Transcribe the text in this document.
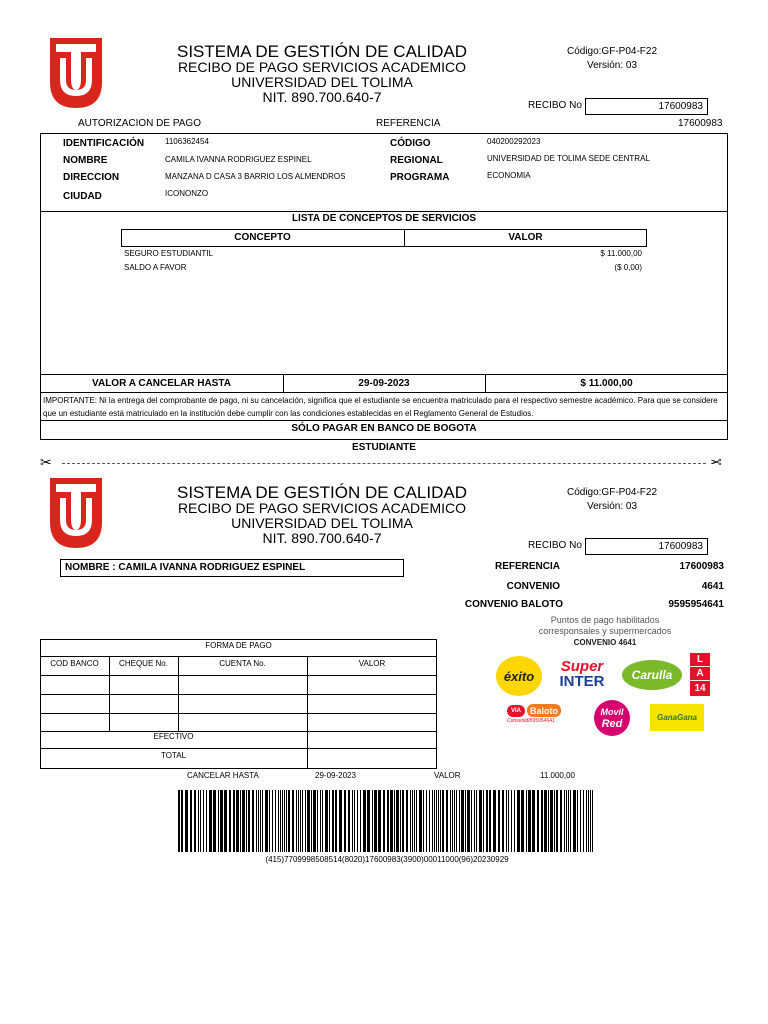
SISTEMA DE GESTIÓN DE CALIDAD
RECIBO DE PAGO SERVICIOS ACADEMICO
UNIVERSIDAD DEL TOLIMA
NIT. 890.700.640-7
Código:GF-P04-F22
Versión: 03
RECIBO No	17600983
AUTORIZACION DE PAGO	REFERENCIA	17600983
IDENTIFICACIÓN	1106362454
NOMBRE	CAMILA IVANNA RODRIGUEZ ESPINEL
DIRECCION	MANZANA D CASA 3 BARRIO LOS ALMENDROS
CIUDAD	ICONONZO
CÓDIGO	040200292023
REGIONAL	UNIVERSIDAD DE TOLIMA SEDE CENTRAL
PROGRAMA	ECONOMIA
LISTA DE CONCEPTOS DE SERVICIOS
CONCEPTO	VALOR
SEGURO ESTUDIANTIL	$ 11.000,00
SALDO A FAVOR	($ 0,00)
VALOR A CANCELAR HASTA	29-09-2023	$ 11.000,00
IMPORTANTE: Ni la entrega del comprobante de pago, ni su cancelación, significa que el estudiante se encuentra matriculado para el respectivo semestre académico. Para que se considere que un estudiante está matriculado en la institución debe cumplir con las condiciones establecidas en el Reglamento General de Estudios.
SÓLO PAGAR EN BANCO DE BOGOTA
ESTUDIANTE
✂	✂
SISTEMA DE GESTIÓN DE CALIDAD
RECIBO DE PAGO SERVICIOS ACADEMICO
UNIVERSIDAD DEL TOLIMA
NIT. 890.700.640-7
Código:GF-P04-F22
Versión: 03
RECIBO No	17600983
NOMBRE : CAMILA IVANNA RODRIGUEZ ESPINEL	REFERENCIA	17600983
CONVENIO	4641
CONVENIO BALOTO	9595954641
Puntos de pago habilitados
corresponsales y supermercados
CONVENIO 4641
éxito
Super
INTER	Carulla
L
A
14
VIA	Baloto
Convenio
9595954641
Movil
Red
GanaGana
FORMA DE PAGO
COD BANCO	CHEQUE No.	CUENTA No.	VALOR
EFECTIVO
TOTAL
CANCELAR HASTA	29-09-2023	VALOR	11.000,00
(415)7709998508514(8020)17600983(3900)00011000(96)20230929
